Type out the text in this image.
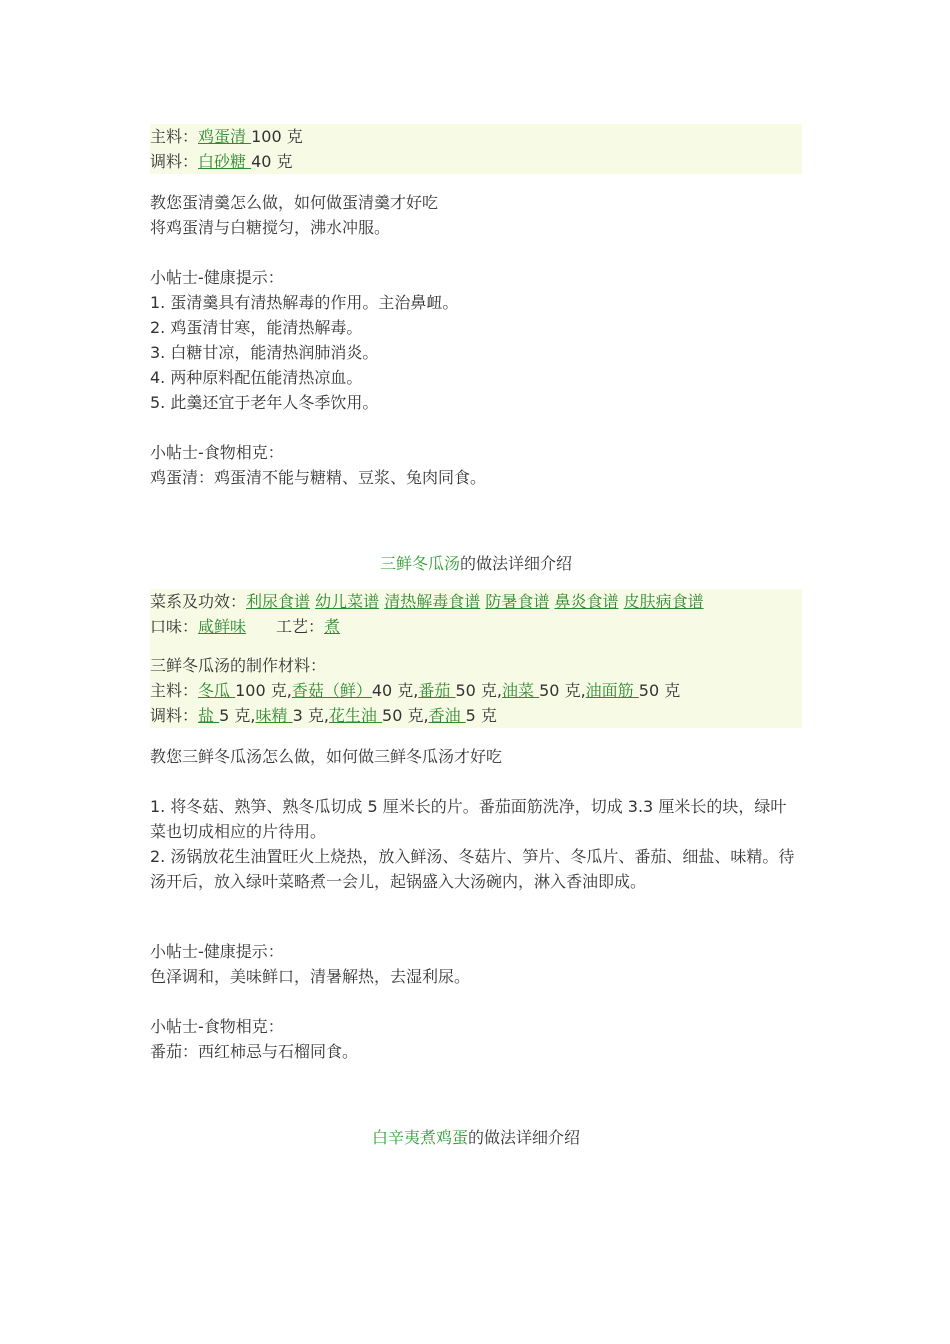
主料：鸡蛋清 100 克
调料：白砂糖 40 克
教您蛋清羹怎么做，如何做蛋清羹才好吃
将鸡蛋清与白糖搅匀，沸水冲服。
小帖士-健康提示：
1. 蛋清羹具有清热解毒的作用。主治鼻衄。
2. 鸡蛋清甘寒，能清热解毒。
3. 白糖甘凉，能清热润肺消炎。
4. 两种原料配伍能清热凉血。
5. 此羹还宜于老年人冬季饮用。
小帖士-食物相克：
鸡蛋清：鸡蛋清不能与糖精、豆浆、兔肉同食。
三鲜冬瓜汤的做法详细介绍
菜系及功效：利尿食谱 幼儿菜谱 清热解毒食谱 防暑食谱 鼻炎食谱 皮肤病食谱
口味：咸鲜味 工艺：煮
三鲜冬瓜汤的制作材料：
主料：冬瓜 100 克,香菇（鲜）40 克,番茄 50 克,油菜 50 克,油面筋 50 克
调料：盐 5 克,味精 3 克,花生油 50 克,香油 5 克
教您三鲜冬瓜汤怎么做，如何做三鲜冬瓜汤才好吃
1. 将冬菇、熟笋、熟冬瓜切成 5 厘米长的片。番茄面筋洗净，切成 3.3 厘米长的块，绿叶菜也切成相应的片待用。
2. 汤锅放花生油置旺火上烧热，放入鲜汤、冬菇片、笋片、冬瓜片、番茄、细盐、味精。待汤开后，放入绿叶菜略煮一会儿，起锅盛入大汤碗内，淋入香油即成。
小帖士-健康提示：
色泽调和，美味鲜口，清暑解热，去湿利尿。
小帖士-食物相克：
番茄：西红柿忌与石榴同食。
白辛夷煮鸡蛋的做法详细介绍
